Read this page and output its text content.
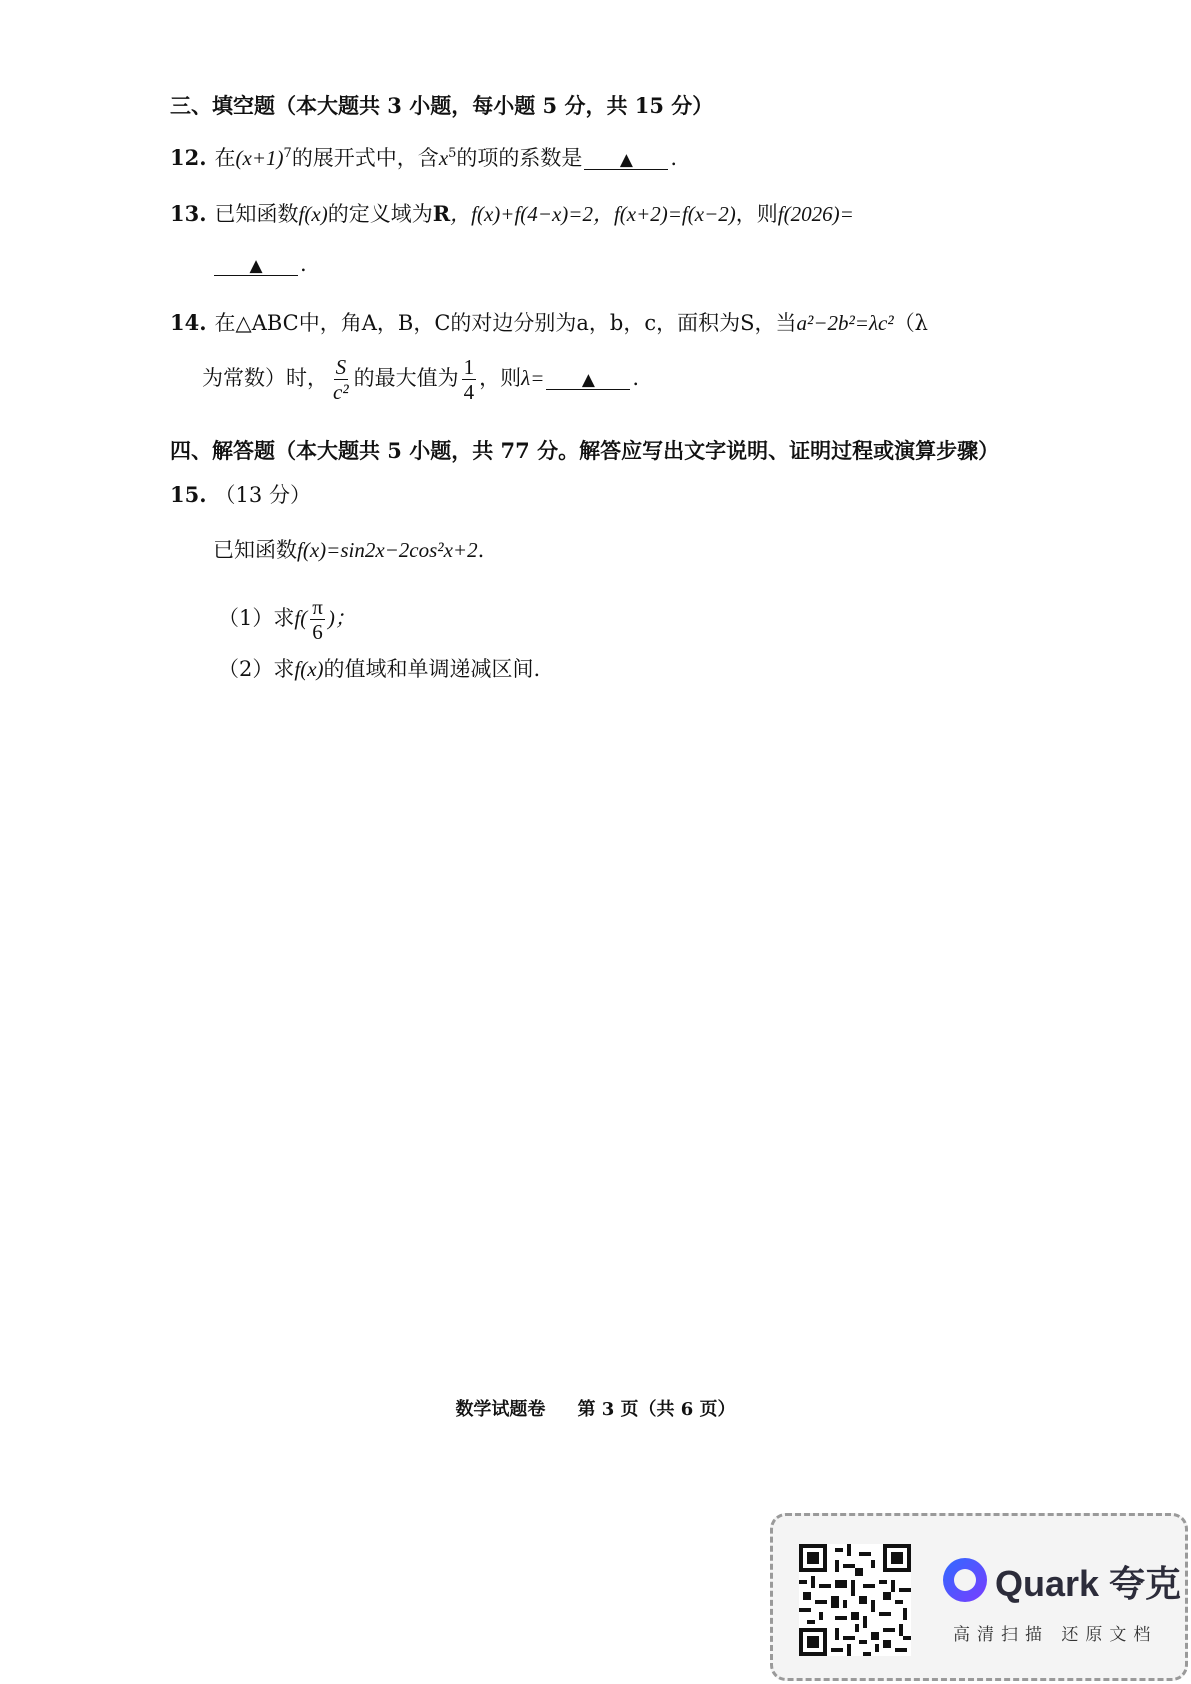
三、填空题（本大题共 3 小题，每小题 5 分，共 15 分）
12. 在$(x+1)^7$的展开式中，含$x^5$的项的系数是 ▲ .
13. 已知函数f(x)的定义域为R，f(x)+f(4−x)=2，f(x+2)=f(x−2)，则f(2026)=
▲ .
14. 在△ABC中，角A，B，C的对边分别为a，b，c，面积为S，当a²−2b²=λc²（λ
为常数）时， $\frac{S}{\text{c²}}$ 的最大值为 $\frac{1}{4}$ ，则λ= ▲ .
四、解答题（本大题共 5 小题，共 77 分。解答应写出文字说明、证明过程或演算步骤）
15. （13 分）
已知函数f(x)=sin2x−2cos²x+2.
（1）求$f( \frac{\pi}{6}$ )；
（2）求f(x)的值域和单调递减区间.
数学试题卷 第 3 页（共 6 页）
Quark 夸克
高清扫描 还原文档
